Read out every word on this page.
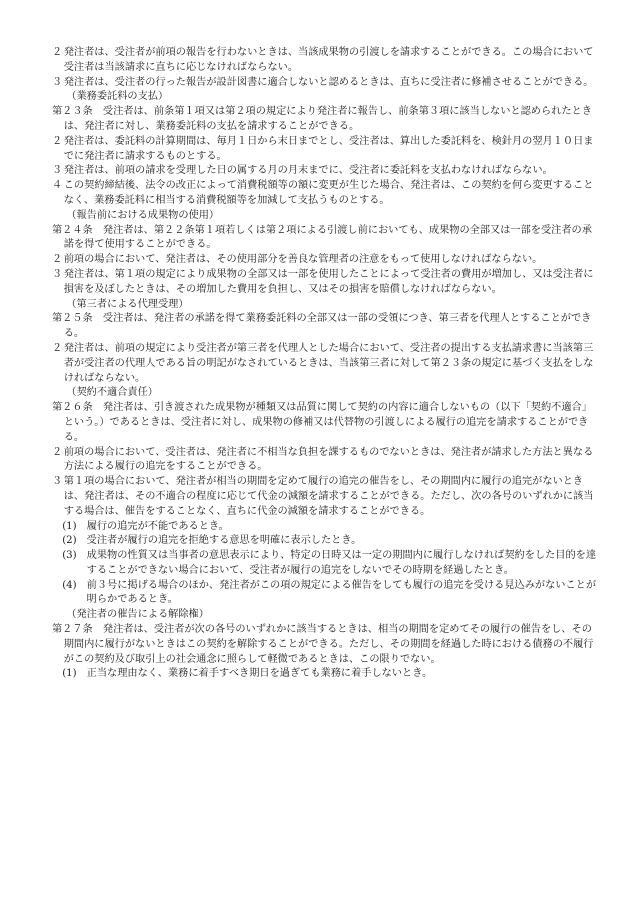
２ 発注者は、受注者が前項の報告を行わないときは、当該成果物の引渡しを請求することができる。この場合において受注者は当該請求に直ちに応じなければならない。

３ 発注者は、受注者の行った報告が設計図書に適合しないと認めるときは、直ちに受注者に修補させることができる。

（業務委託料の支払）

第２３条　受注者は、前条第１項又は第２項の規定により発注者に報告し、前条第３項に該当しないと認められたときは、発注者に対し、業務委託料の支払を請求することができる。

２ 発注者は、委託料の計算期間は、毎月１日から末日までとし、受注者は、算出した委託料を、検針月の翌月１０日までに発注者に請求するものとする。

３ 発注者は、前項の請求を受理した日の属する月の月末までに、受注者に委託料を支払わなければならない。

４ この契約締結後、法令の改正によって消費税額等の額に変更が生じた場合、発注者は、この契約を何ら変更することなく、業務委託料に相当する消費税額等を加減して支払うものとする。

（報告前における成果物の使用）

第２４条　発注者は、第２２条第１項若しくは第２項による引渡し前においても、成果物の全部又は一部を受注者の承諾を得て使用することができる。

２ 前項の場合において、発注者は、その使用部分を善良な管理者の注意をもって使用しなければならない。

３ 発注者は、第１項の規定により成果物の全部又は一部を使用したことによって受注者の費用が増加し、又は受注者に損害を及ぼしたときは、その増加した費用を負担し、又はその損害を賠償しなければならない。

（第三者による代理受理）

第２５条　受注者は、発注者の承諾を得て業務委託料の全部又は一部の受領につき、第三者を代理人とすることができる。

２ 発注者は、前項の規定により受注者が第三者を代理人とした場合において、受注者の提出する支払請求書に当該第三者が受注者の代理人である旨の明記がなされているときは、当該第三者に対して第２３条の規定に基づく支払をしなければならない。

（契約不適合責任）

第２６条　発注者は、引き渡された成果物が種類又は品質に関して契約の内容に適合しないもの（以下「契約不適合」という。）であるときは、受注者に対し、成果物の修補又は代替物の引渡しによる履行の追完を請求することができる。

２ 前項の場合において、受注者は、発注者に不相当な負担を課するものでないときは、発注者が請求した方法と異なる方法による履行の追完をすることができる。

３ 第１項の場合において、発注者が相当の期間を定めて履行の追完の催告をし、その期間内に履行の追完がないときは、発注者は、その不適合の程度に応じて代金の減額を請求することができる。ただし、次の各号のいずれかに該当する場合は、催告をすることなく、直ちに代金の減額を請求することができる。

(1) 履行の追完が不能であるとき。

(2) 受注者が履行の追完を拒絶する意思を明確に表示したとき。

(3) 成果物の性質又は当事者の意思表示により、特定の日時又は一定の期間内に履行しなければ契約をした目的を達することができない場合において、受注者が履行の追完をしないでその時期を経過したとき。

(4) 前３号に掲げる場合のほか、発注者がこの項の規定による催告をしても履行の追完を受ける見込みがないことが明らかであるとき。

（発注者の催告による解除権）

第２７条　発注者は、受注者が次の各号のいずれかに該当するときは、相当の期間を定めてその履行の催告をし、その期間内に履行がないときはこの契約を解除することができる。ただし、その期間を経過した時における債務の不履行がこの契約及び取引上の社会通念に照らして軽微であるときは、この限りでない。

(1) 正当な理由なく、業務に着手すべき期日を過ぎても業務に着手しないとき。
